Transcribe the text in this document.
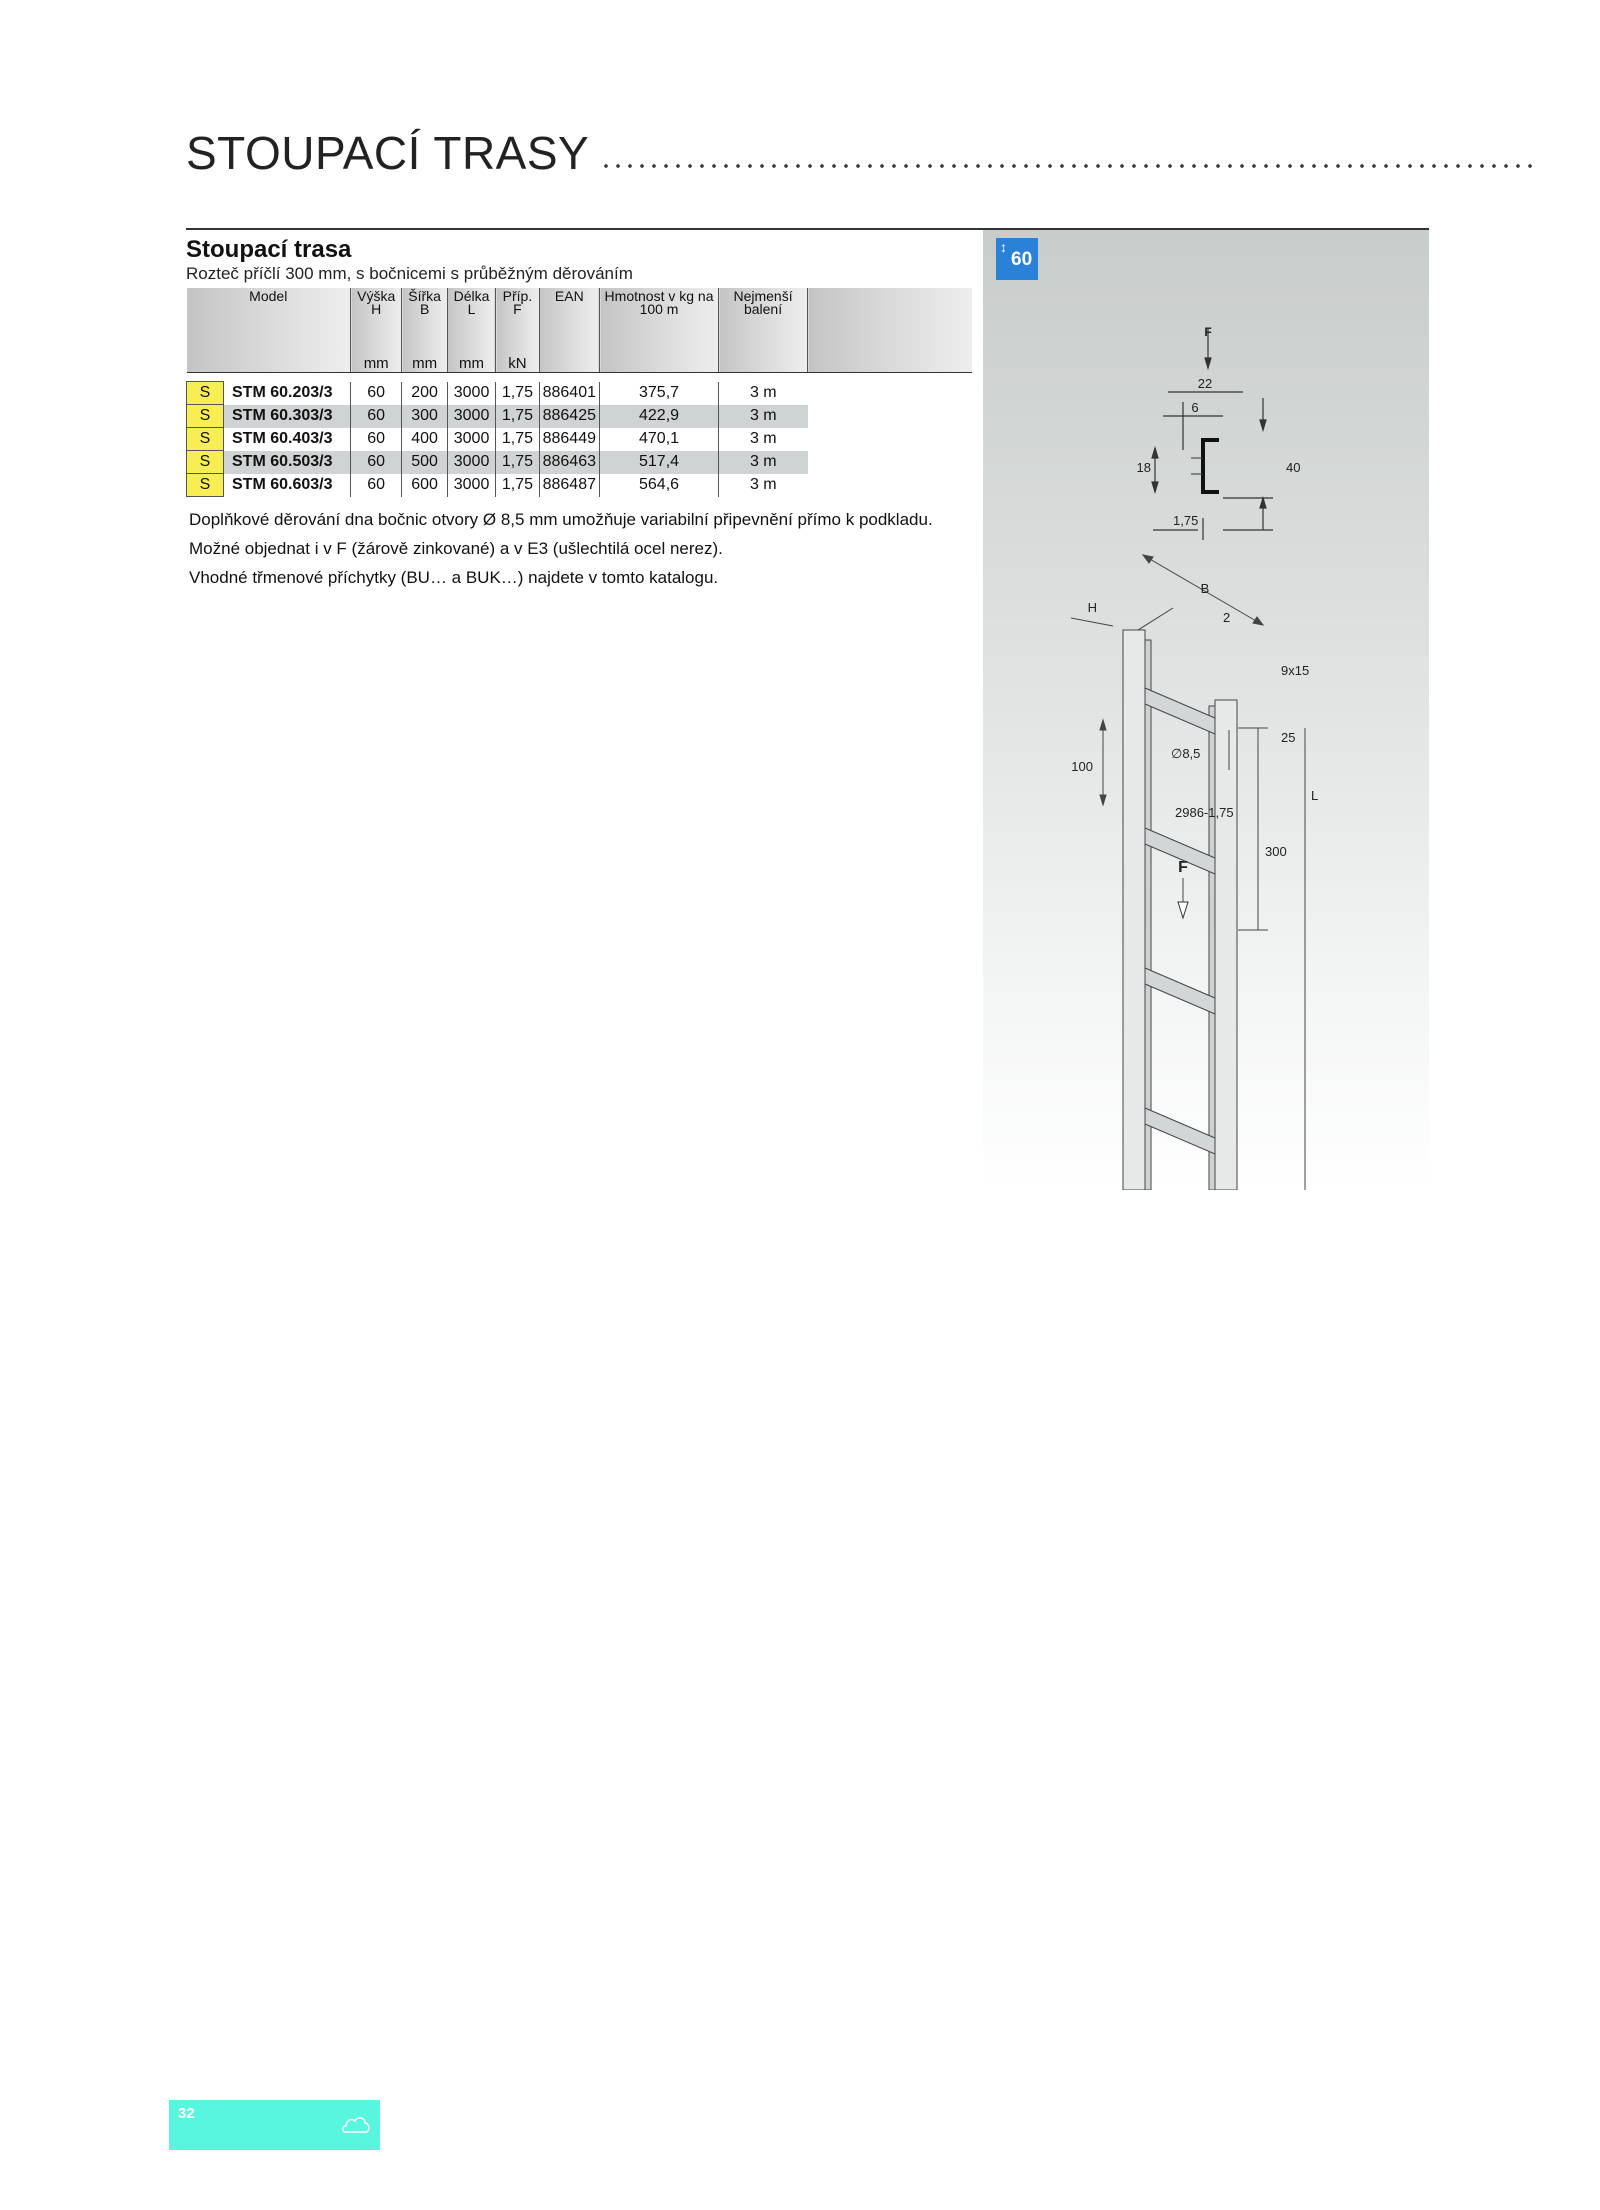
STOUPACÍ TRASY
Stoupací trasa
Rozteč příčlí 300 mm, s bočnicemi s průběžným děrováním
Model		Výška H	Šířka B	Délka L	Příp. F	EAN	Hmotnost v kg na 100 m	Nejmenší balení	
		mm	mm	mm	kN				

S	STM 60.203/3	60	200	3000	1,75	886401	375,7	3 m	
S	STM 60.303/3	60	300	3000	1,75	886425	422,9	3 m	
S	STM 60.403/3	60	400	3000	1,75	886449	470,1	3 m	
S	STM 60.503/3	60	500	3000	1,75	886463	517,4	3 m	
S	STM 60.603/3	60	600	3000	1,75	886487	564,6	3 m	

Doplňkové děrování dna bočnic otvory Ø 8,5 mm umožňuje variabilní připevnění přímo k podkladu.

Možné objednat i v F (žárově zinkované) a v E3 (ušlechtilá ocel nerez).

Vhodné třmenové příchytky (BU… a BUK…) najdete v tomto katalogu.

F
22
6
18	40
1,75
B
H
2
9x15
25
∅8,5
100
2986-1,75
L
300
F
↕
60
32
